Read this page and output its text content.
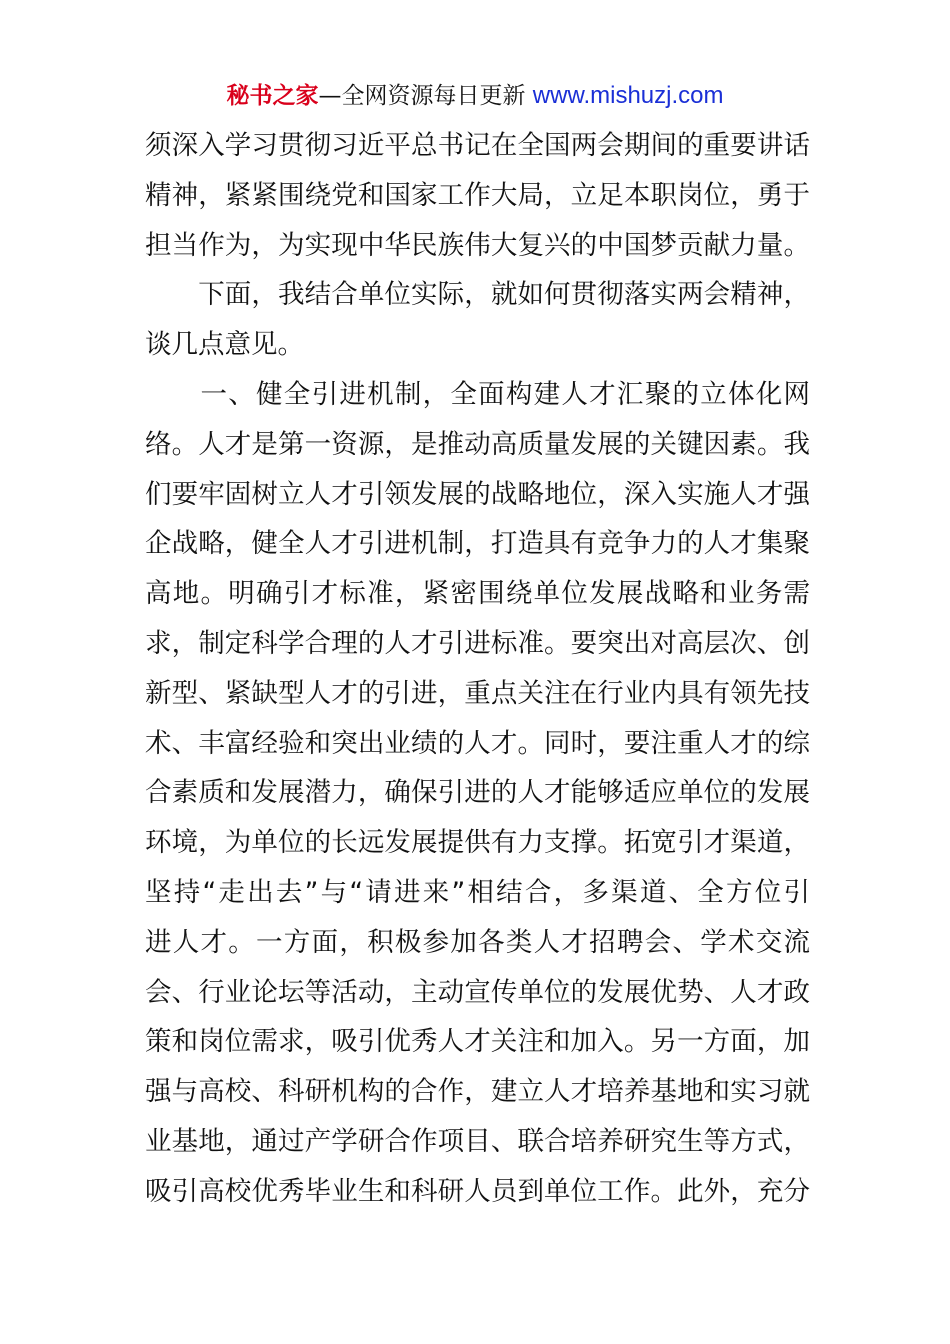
秘书之家—全网资源每日更新 www.mishuzj.com
须深入学习贯彻习近平总书记在全国两会期间的重要讲话
精神，紧紧围绕党和国家工作大局，立足本职岗位，勇于
担当作为，为实现中华民族伟大复兴的中国梦贡献力量。
　　下面，我结合单位实际，就如何贯彻落实两会精神，
谈几点意见。
　　一、健全引进机制，全面构建人才汇聚的立体化网
络。人才是第一资源，是推动高质量发展的关键因素。我
们要牢固树立人才引领发展的战略地位，深入实施人才强
企战略，健全人才引进机制，打造具有竞争力的人才集聚
高地。明确引才标准，紧密围绕单位发展战略和业务需
求，制定科学合理的人才引进标准。要突出对高层次、创
新型、紧缺型人才的引进，重点关注在行业内具有领先技
术、丰富经验和突出业绩的人才。同时，要注重人才的综
合素质和发展潜力，确保引进的人才能够适应单位的发展
环境，为单位的长远发展提供有力支撑。拓宽引才渠道，
坚持“走出去”与“请进来”相结合，多渠道、全方位引
进人才。一方面，积极参加各类人才招聘会、学术交流
会、行业论坛等活动，主动宣传单位的发展优势、人才政
策和岗位需求，吸引优秀人才关注和加入。另一方面，加
强与高校、科研机构的合作，建立人才培养基地和实习就
业基地，通过产学研合作项目、联合培养研究生等方式，
吸引高校优秀毕业生和科研人员到单位工作。此外，充分
